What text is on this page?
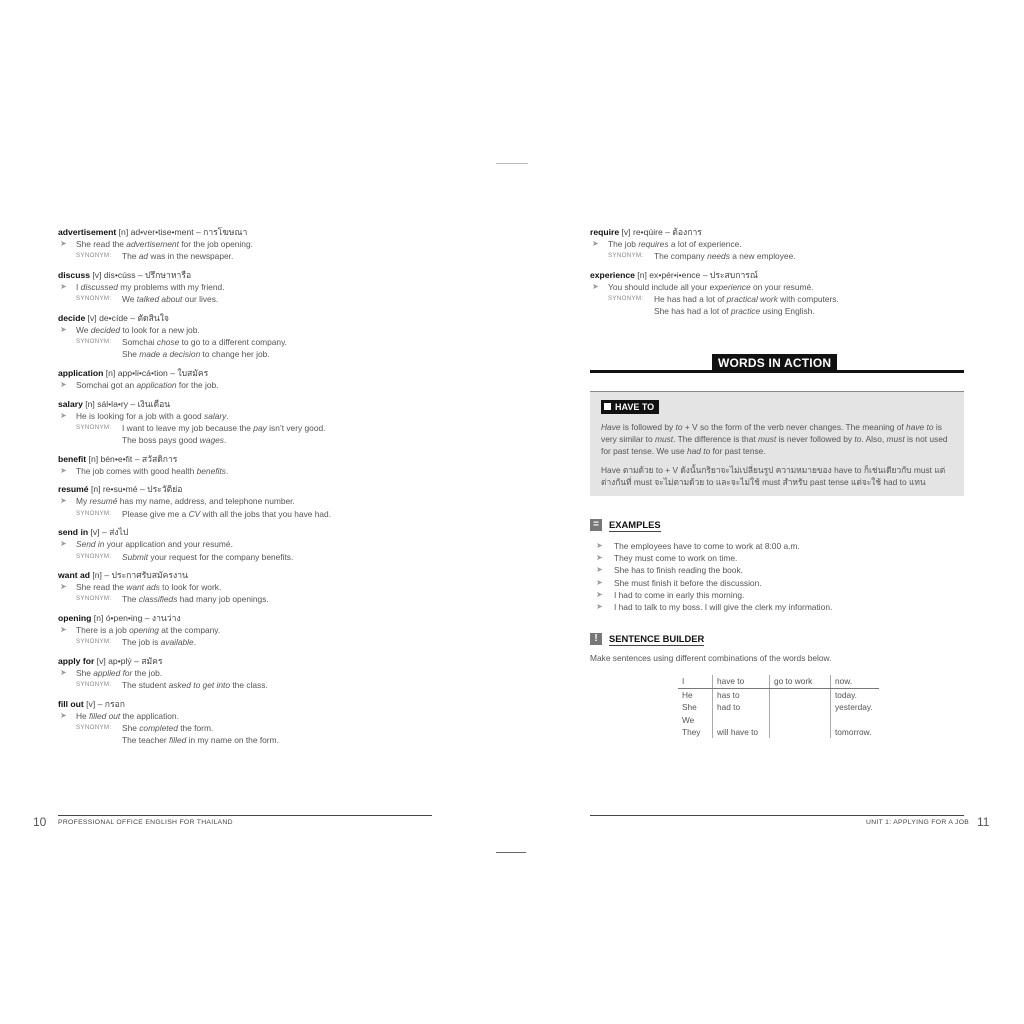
advertisement [n] ad•ver•tise•ment – การโฆษณา
➤ She read the advertisement for the job opening.
SYNONYM: The ad was in the newspaper.
discuss [v] dis•cúss – ปรึกษาหารือ
➤ I discussed my problems with my friend.
SYNONYM: We talked about our lives.
decide [v] de•cíde – ตัดสินใจ
➤ We decided to look for a new job.
SYNONYM: Somchai chose to go to a different company.
She made a decision to change her job.
application [n] app•li•cá•tion – ใบสมัคร
➤ Somchai got an application for the job.
salary [n] sál•la•ry – เงินเดือน
➤ He is looking for a job with a good salary.
SYNONYM: I want to leave my job because the pay isn’t very good.
The boss pays good wages.
benefit [n] bén•e•fit – สวัสดิการ
➤ The job comes with good health benefits.
resumé [n] re•su•mé – ประวัติย่อ
➤ My resumé has my name, address, and telephone number.
SYNONYM: Please give me a CV with all the jobs that you have had.
send in [v] – ส่งไป
➤ Send in your application and your resumé.
SYNONYM: Submit your request for the company benefits.
want ad [n] – ประกาศรับสมัครงาน
➤ She read the want ads to look for work.
SYNONYM: The classifieds had many job openings.
opening [n] ó•pen•ing – งานว่าง
➤ There is a job opening at the company.
SYNONYM: The job is available.
apply for [v] ap•plý – สมัคร
➤ She applied for the job.
SYNONYM: The student asked to get into the class.
fill out [v] – กรอก
➤ He filled out the application.
SYNONYM: She completed the form.
The teacher filled in my name on the form.
10 PROFESSIONAL OFFICE ENGLISH FOR THAILAND
require [v] re•qúire – ต้องการ
➤ The job requires a lot of experience.
SYNONYM: The company needs a new employee.
experience [n] ex•pér•i•ence – ประสบการณ์
➤ You should include all your experience on your resumé.
SYNONYM: He has had a lot of practical work with computers.
She has had a lot of practice using English.
WORDS IN ACTION
HAVE TO

Have is followed by to + V so the form of the verb never changes. The meaning of have to is very similar to must. The difference is that must is never followed by to. Also, must is not used for past tense. We use had to for past tense.

Have ตามด้วย to + V ดังนั้นกริยาจะไม่เปลี่ยนรูป ความหมายของ have to ก็เช่นเดียวกับ must แต่ต่างกันที่ must จะไม่ตามด้วย to และจะไม่ใช้ must สำหรับ past tense แต่จะใช้ had to แทน

=	EXAMPLES
➤ The employees have to come to work at 8:00 a.m.
➤ They must come to work on time.
➤ She has to finish reading the book.
➤ She must finish it before the discussion.
➤ I had to come in early this morning.
➤ I had to talk to my boss. I will give the clerk my information.
!	SENTENCE BUILDER
Make sentences using different combinations of the words below.
I	have to	go to work	now.
He	has to		today.
She	had to		yesterday.
We			
They	will have to		tomorrow.
UNIT 1: APPLYING FOR A JOB 11
